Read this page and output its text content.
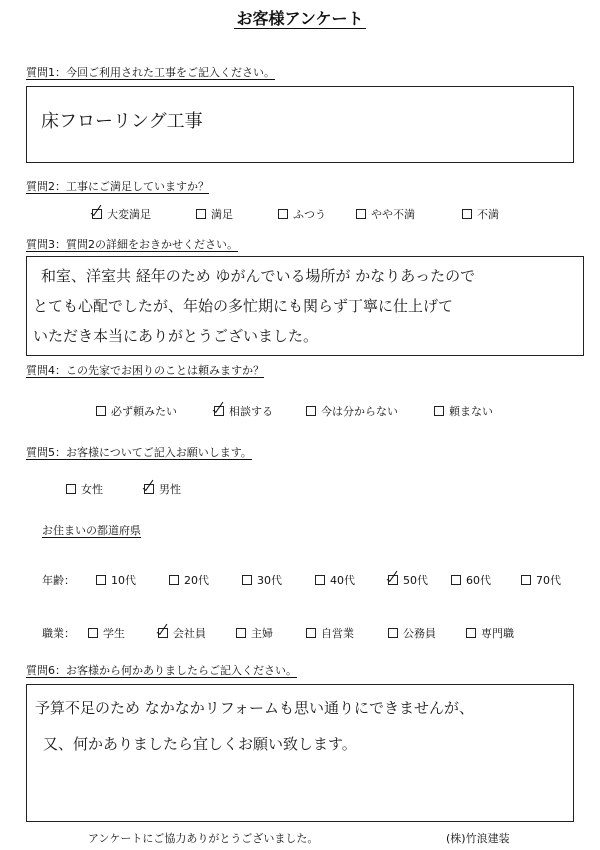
お客様アンケート
質問1：今回ご利用された工事をご記入ください。
床フローリング工事
質問2：工事にご満足していますか？
大変満足	満足	ふつう	やや不満	不満
質問3：質問2の詳細をおきかせください。
和室、洋室共 経年のため ゆがんでいる場所が かなりあったので
とても心配でしたが、年始の多忙期にも関らず丁寧に仕上げて
いただき本当にありがとうございました。
質問4：この先家でお困りのことは頼みますか？
必ず頼みたい	相談する	今は分からない	頼まない
質問5：お客様についてご記入お願いします。
女性	男性
お住まいの都道府県
年齢：	10代	20代	30代	40代	50代	60代	70代
職業：	学生	会社員	主婦	自営業	公務員	専門職
質問6：お客様から何かありましたらご記入ください。
予算不足のため なかなかリフォームも思い通りにできませんが、
又、何かありましたら宜しくお願い致します。
アンケートにご協力ありがとうございました。	(株)竹浪建装
